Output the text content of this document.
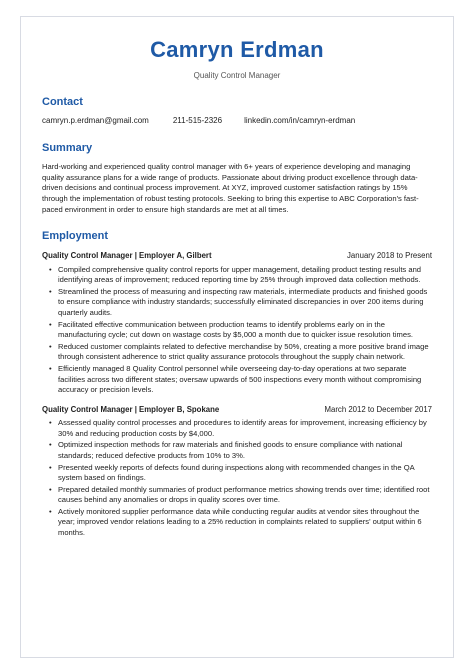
Camryn Erdman
Quality Control Manager
Contact
camryn.p.erdman@gmail.com	211-515-2326	linkedin.com/in/camryn-erdman
Summary
Hard-working and experienced quality control manager with 6+ years of experience developing and managing quality assurance plans for a wide range of products. Passionate about driving product excellence through data-driven decisions and continual process improvement. At XYZ, improved customer satisfaction ratings by 15% through the implementation of robust testing protocols. Seeking to bring this expertise to ABC Corporation's fast-paced environment in order to ensure high standards are met at all times.
Employment
Quality Control Manager | Employer A, Gilbert	January 2018 to Present
• Compiled comprehensive quality control reports for upper management, detailing product testing results and identifying areas of improvement; reduced reporting time by 25% through improved data collection methods.
• Streamlined the process of measuring and inspecting raw materials, intermediate products and finished goods to ensure compliance with industry standards; successfully eliminated discrepancies in over 200 items during quarterly audits.
• Facilitated effective communication between production teams to identify problems early on in the manufacturing cycle; cut down on wastage costs by $5,000 a month due to quicker issue resolution times.
• Reduced customer complaints related to defective merchandise by 50%, creating a more positive brand image through consistent adherence to strict quality assurance protocols throughout the supply chain network.
• Efficiently managed 8 Quality Control personnel while overseeing day-to-day operations at two separate facilities across two different states; oversaw upwards of 500 inspections every month without compromising accuracy or precision levels.
Quality Control Manager | Employer B, Spokane	March 2012 to December 2017
• Assessed quality control processes and procedures to identify areas for improvement, increasing efficiency by 30% and reducing production costs by $4,000.
• Optimized inspection methods for raw materials and finished goods to ensure compliance with national standards; reduced defective products from 10% to 3%.
• Presented weekly reports of defects found during inspections along with recommended changes in the QA system based on findings.
• Prepared detailed monthly summaries of product performance metrics showing trends over time; identified root causes behind any anomalies or drops in quality scores over time.
• Actively monitored supplier performance data while conducting regular audits at vendor sites throughout the year; improved vendor relations leading to a 25% reduction in complaints related to suppliers' output within 6 months.
